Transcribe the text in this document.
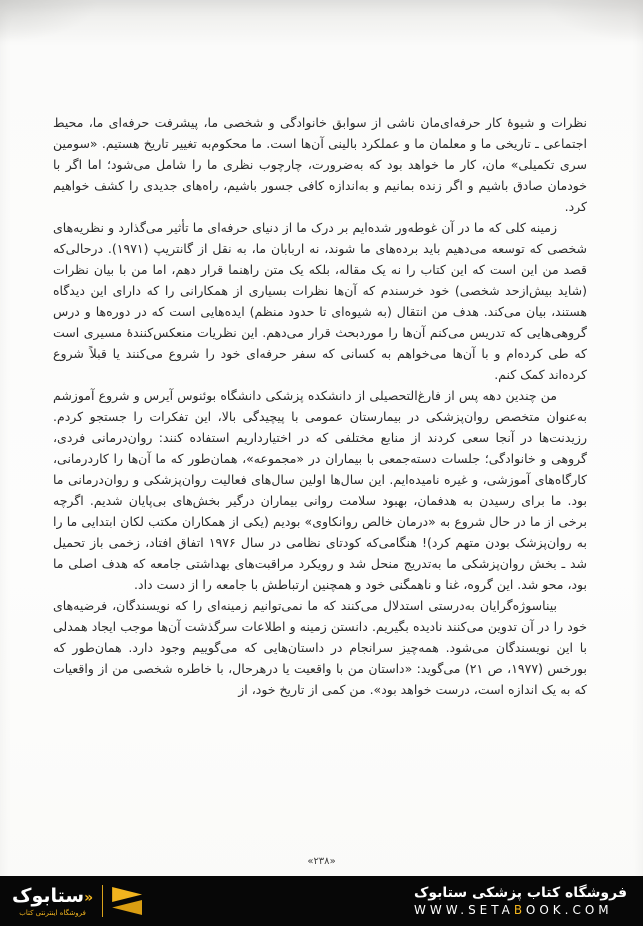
نظرات و شیوهٔ کار حرفه‌ای‌مان ناشی از سوابق خانوادگی و شخصی ما، پیشرفت حرفه‌ای ما، محیط اجتماعی ـ تاریخی ما و معلمان ما و عملکرد بالینی آن‌ها است. ما محکوم‌به تغییر تاریخ هستیم. «سومین سری تکمیلی» مان، کار ما خواهد بود که به‌ضرورت، چارچوب نظری ما را شامل می‌شود؛ اما اگر با خودمان صادق باشیم و اگر زنده بمانیم و به‌اندازه کافی جسور باشیم، راه‌های جدیدی را کشف خواهیم کرد.

زمینه کلی که ما در آن غوطه‌ور شده‌ایم بر درک ما از دنیای حرفه‌ای ما تأثیر می‌گذارد و نظریه‌های شخصی که توسعه می‌دهیم باید برده‌های ما شوند، نه اربابان ما، به نقل از گانتریپ (۱۹۷۱). درحالی‌که قصد من این است که این کتاب را نه یک مقاله، بلکه یک متن راهنما قرار دهم، اما من با بیان نظرات (شاید بیش‌ازحد شخصی) خود خرسندم که آن‌ها نظرات بسیاری از همکارانی را که دارای این دیدگاه هستند، بیان می‌کند. هدف من انتقال (به شیوه‌ای تا حدود منظم) ایده‌هایی است که در دوره‌ها و درس گروهی‌هایی که تدریس می‌کنم آن‌ها را موردبحث قرار می‌دهم. این نظریات منعکس‌کنندهٔ مسیری است که طی کرده‌ام و با آن‌ها می‌خواهم به کسانی که سفر حرفه‌ای خود را شروع می‌کنند یا قبلاً شروع کرده‌اند کمک کنم.

من چندین دهه پس از فارغ‌التحصیلی از دانشکده پزشکی دانشگاه بوئنوس آیرس و شروع آموزشم به‌عنوان متخصص روان‌پزشکی در بیمارستان عمومی با پیچیدگی بالا، این تفکرات را جستجو کردم. رزیدنت‌ها در آنجا سعی کردند از منابع مختلفی که در اختیارداریم استفاده کنند: روان‌درمانی فردی، گروهی و خانوادگی؛ جلسات دسته‌جمعی با بیماران در «مجموعه»، همان‌طور که ما آن‌ها را کاردرمانی، کارگاه‌های آموزشی، و غیره نامیده‌ایم. این سال‌ها اولین سال‌های فعالیت روان‌پزشکی و روان‌درمانی ما بود. ما برای رسیدن به هدفمان، بهبود سلامت روانی بیماران درگیر بخش‌های بی‌پایان شدیم. اگرچه برخی از ما در حال شروع به «درمان خالص روانکاوی» بودیم (یکی از همکاران مکتب لکان ابتدایی ما را به روان‌پزشک بودن متهم کرد)! هنگامی‌که کودتای نظامی در سال ۱۹۷۶ اتفاق افتاد، زخمی باز تحمیل شد ـ بخش روان‌پزشکی ما به‌تدریج منحل شد و رویکرد مراقبت‌های بهداشتی جامعه که هدف اصلی ما بود، محو شد. این گروه، غنا و ناهمگنی خود و همچنین ارتباطش با جامعه را از دست داد.

بیناسوژه‌گرایان به‌درستی استدلال می‌کنند که ما نمی‌توانیم زمینه‌ای را که نویسندگان، فرضیه‌های خود را در آن تدوین می‌کنند نادیده بگیریم. دانستن زمینه و اطلاعات سرگذشت آن‌ها موجب ایجاد همدلی با این نویسندگان می‌شود. همه‌چیز سرانجام در داستان‌هایی که می‌گوییم وجود دارد. همان‌طور که بورخس (۱۹۷۷، ص ۲۱) می‌گوید: «داستان من با واقعیت یا درهرحال، با خاطره شخصی من از واقعیات که به یک اندازه است، درست خواهد بود». من کمی از تاریخ خود، از

«۲۳۸»
فروشگاه کتاب پزشکی ستابوک
WWW.SETABOOK.COM
«ستابوک
فروشگاه اینترنتی کتاب
